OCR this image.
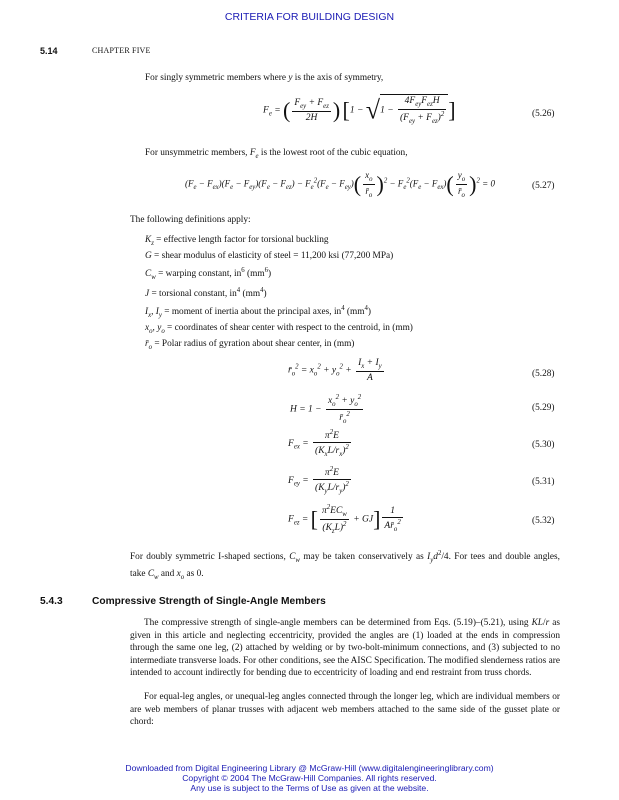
CRITERIA FOR BUILDING DESIGN
5.14	CHAPTER FIVE
For singly symmetric members where y is the axis of symmetry,
$F_e$ = ( $\frac{F_{ey} + F_{ez}}{2H}$ ) [$1 - √1 - \frac{4F_{ey}F_{ez}H}{(F_{ey} + F_{ez})^2}$ ]	(5.26)
For unsymmetric members, $F_e$ is the lowest root of the cubic equation,
$(F_e - F_{ex})(F_e - F_{ey})(F_e - F_{ez}) - F_e^2(F_e - F_{ey})( \frac{x_o}{r̄_o} )^2 - F_e^2(F_e - F_{ex})( \frac{y_o}{r̄_o} )^2 = 0$	(5.27)
The following definitions apply:
$K_z$ = effective length factor for torsional buckling
G = shear modulus of elasticity of steel = 11,200 ksi (77,200 MPa)
$C_w$ = warping constant, $in^6$ $(mm^6)$
J = torsional constant, $in^4$ $(mm^4)$
$I_x$, $I_y$ = moment of inertia about the principal axes, $in^4$ $(mm^4)$
$x_o$, $y_o$ = coordinates of shear center with respect to the centroid, in (mm)
$r̄_o$ = Polar radius of gyration about shear center, in (mm)
$r̄_o^2 = x_o^2 + y_o^2 + \frac{I_x + I_y}{A}$	(5.28)
$H = 1 - \frac{x_o^2 + y_o^2}{r̄_o^2}$	(5.29)
$F_{ex} = \frac{\pi^2E}{(K_xL/r_x)^2}$	(5.30)
$F_{ey} = \frac{\pi^2E}{(K_yL/r_y)^2}$	(5.31)
$F_{ez}$ = [ $\frac{\pi^2EC_w}{(K_zL)^2} + GJ] \frac{1}{Ar̄_o^2}$	(5.32)
For doubly symmetric I-shaped sections, $C_w$ may be taken conservatively as $I_yd^2/4$. For tees and double angles, take $C_w$ and $x_o$ as 0.
5.4.3	Compressive Strength of Single-Angle Members
The compressive strength of single-angle members can be determined from Eqs. (5.19)–(5.21), using KL/r as given in this article and neglecting eccentricity, provided the angles are (1) loaded at the ends in compression through the same one leg, (2) attached by welding or by two-bolt-minimum connections, and (3) subjected to no intermediate transverse loads. For other conditions, see the AISC Specification. The modified slenderness ratios are intended to account indirectly for bending due to eccentricity of loading and end restraint from truss chords.
For equal-leg angles, or unequal-leg angles connected through the longer leg, which are individual members or are web members of planar trusses with adjacent web members attached to the same side of the gusset plate or chord:
Downloaded from Digital Engineering Library @ McGraw-Hill (www.digitalengineeringlibrary.com)
Copyright © 2004 The McGraw-Hill Companies. All rights reserved.
Any use is subject to the Terms of Use as given at the website.
